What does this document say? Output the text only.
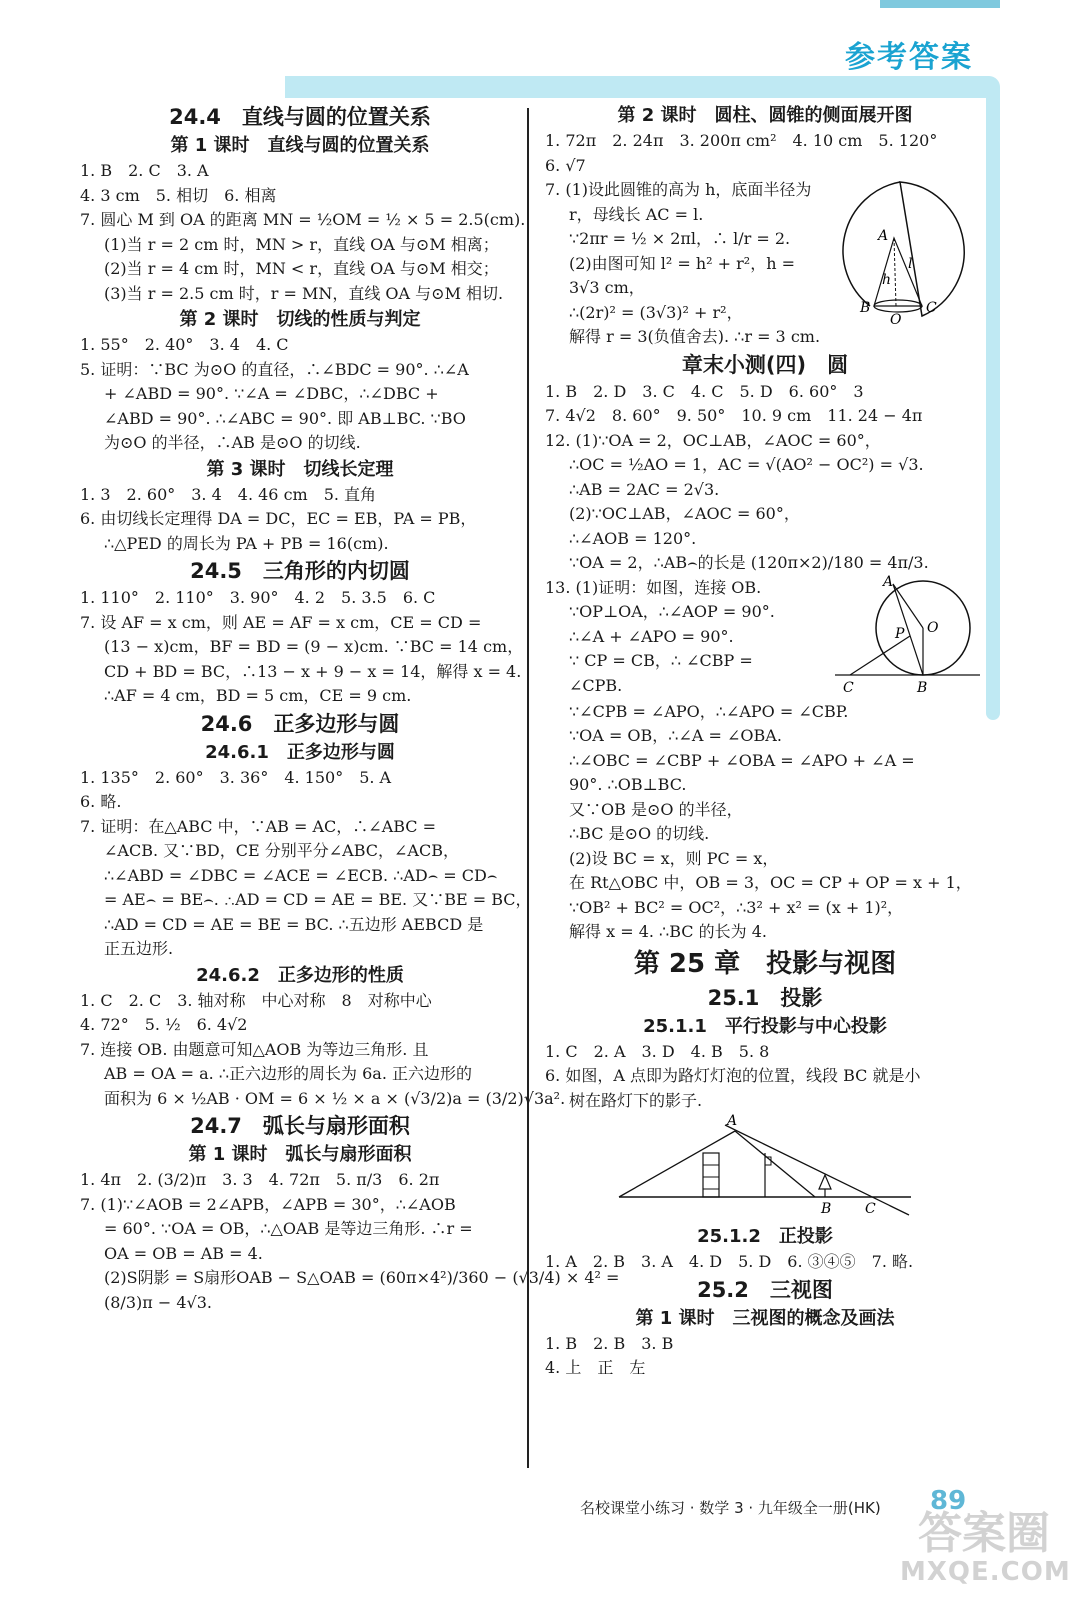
参考答案
24.4　直线与圆的位置关系
第 1 课时　直线与圆的位置关系
1. B　2. C　3. A
4. 3 cm　5. 相切　6. 相离
7. 圆心 M 到 OA 的距离 MN = ½OM = ½ × 5 = 2.5(cm).
(1)当 r = 2 cm 时，MN > r，直线 OA 与⊙M 相离；
(2)当 r = 4 cm 时，MN < r，直线 OA 与⊙M 相交；
(3)当 r = 2.5 cm 时，r = MN，直线 OA 与⊙M 相切.
第 2 课时　切线的性质与判定
1. 55°　2. 40°　3. 4　4. C
5. 证明：∵BC 为⊙O 的直径，∴∠BDC = 90°. ∴∠A
+ ∠ABD = 90°. ∵∠A = ∠DBC，∴∠DBC +
∠ABD = 90°. ∴∠ABC = 90°. 即 AB⊥BC. ∵BO
为⊙O 的半径，∴AB 是⊙O 的切线.
第 3 课时　切线长定理
1. 3　2. 60°　3. 4　4. 46 cm　5. 直角
6. 由切线长定理得 DA = DC，EC = EB，PA = PB，
∴△PED 的周长为 PA + PB = 16(cm).
24.5　三角形的内切圆
1. 110°　2. 110°　3. 90°　4. 2　5. 3.5　6. C
7. 设 AF = x cm，则 AE = AF = x cm，CE = CD =
(13 − x)cm，BF = BD = (9 − x)cm. ∵BC = 14 cm，
CD + BD = BC，∴13 − x + 9 − x = 14，解得 x = 4.
∴AF = 4 cm，BD = 5 cm，CE = 9 cm.
24.6　正多边形与圆
24.6.1　正多边形与圆
1. 135°　2. 60°　3. 36°　4. 150°　5. A
6. 略.
7. 证明：在△ABC 中，∵AB = AC，∴∠ABC =
∠ACB. 又∵BD，CE 分别平分∠ABC，∠ACB，
∴∠ABD = ∠DBC = ∠ACE = ∠ECB. ∴AD⌢ = CD⌢
= AE⌢ = BE⌢. ∴AD = CD = AE = BE. 又∵BE = BC，
∴AD = CD = AE = BE = BC. ∴五边形 AEBCD 是
正五边形.
24.6.2　正多边形的性质
1. C　2. C　3. 轴对称　中心对称　8　对称中心
4. 72°　5. ½　6. 4√2
7. 连接 OB. 由题意可知△AOB 为等边三角形. 且
AB = OA = a. ∴正六边形的周长为 6a. 正六边形的
面积为 6 × ½AB · OM = 6 × ½ × a × (√3/2)a = (3/2)√3a².
24.7　弧长与扇形面积
第 1 课时　弧长与扇形面积
1. 4π　2. (3/2)π　3. 3　4. 72π　5. π/3　6. 2π
7. (1)∵∠AOB = 2∠APB，∠APB = 30°，∴∠AOB
= 60°. ∵OA = OB，∴△OAB 是等边三角形. ∴r =
OA = OB = AB = 4.
(2)S阴影 = S扇形OAB − S△OAB = (60π×4²)/360 − (√3/4) × 4² =
(8/3)π − 4√3.
第 2 课时　圆柱、圆锥的侧面展开图
1. 72π　2. 24π　3. 200π cm²　4. 10 cm　5. 120°
6. √7
7. (1)设此圆锥的高为 h，底面半径为
r，母线长 AC = l.
∵2πr = ½ × 2πl，∴ l/r = 2.
(2)由图可知 l² = h² + r²，h =
3√3 cm，
∴(2r)² = (3√3)² + r²，
解得 r = 3(负值舍去). ∴r = 3 cm.
A
l
h
B
O
C
章末小测(四)　圆
1. B　2. D　3. C　4. C　5. D　6. 60°　3
7. 4√2　8. 60°　9. 50°　10. 9 cm　11. 24 − 4π
12. (1)∵OA = 2，OC⊥AB，∠AOC = 60°，
∴OC = ½AO = 1，AC = √(AO² − OC²) = √3.
∴AB = 2AC = 2√3.
(2)∵OC⊥AB，∠AOC = 60°，
∴∠AOB = 120°.
∵OA = 2，∴AB⌢的长是 (120π×2)/180 = 4π/3.
13. (1)证明：如图，连接 OB.
∵OP⊥OA，∴∠AOP = 90°.
∴∠A + ∠APO = 90°.
∵ CP = CB，∴ ∠CBP =
∠CPB.
A
P O
C	B
∵∠CPB = ∠APO，∴∠APO = ∠CBP.
∵OA = OB，∴∠A = ∠OBA.
∴∠OBC = ∠CBP + ∠OBA = ∠APO + ∠A =
90°. ∴OB⊥BC.
又∵OB 是⊙O 的半径，
∴BC 是⊙O 的切线.
(2)设 BC = x，则 PC = x，
在 Rt△OBC 中，OB = 3，OC = CP + OP = x + 1，
∵OB² + BC² = OC²，∴3² + x² = (x + 1)²，
解得 x = 4. ∴BC 的长为 4.
第 25 章　投影与视图
25.1　投影
25.1.1　平行投影与中心投影
1. C　2. A　3. D　4. B　5. 8
6. 如图，A 点即为路灯灯泡的位置，线段 BC 就是小
树在路灯下的影子.
A
B C
25.1.2　正投影
1. A　2. B　3. A　4. D　5. D　6. ③④⑤　7. 略.
25.2　三视图
第 1 课时　三视图的概念及画法
1. B　2. B　3. B
4. 上　正　左
名校课堂小练习 · 数学 3 · 九年级全一册(HK) 89
答案圈
MXQE.COM
